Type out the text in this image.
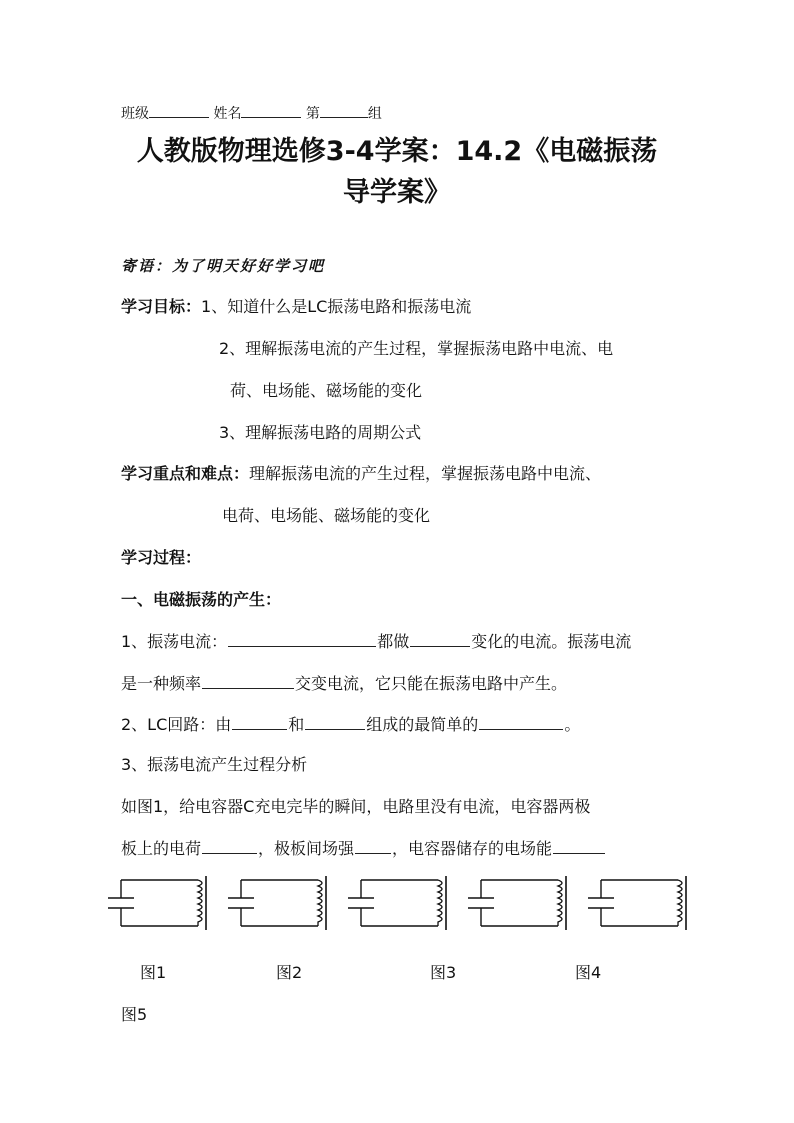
班级	姓名	第	组
人教版物理选修3-4学案：14.2《电磁振荡
导学案》
寄语：为了明天好好学习吧
学习目标：1、知道什么是LC振荡电路和振荡电流
2、理解振荡电流的产生过程，掌握振荡电路中电流、电
荷、电场能、磁场能的变化
3、理解振荡电路的周期公式
学习重点和难点：理解振荡电流的产生过程，掌握振荡电路中电流、
电荷、电场能、磁场能的变化
学习过程：
一、电磁振荡的产生：
1、振荡电流：	都做	变化的电流。振荡电流
是一种频率	交变电流，它只能在振荡电路中产生。
2、LC回路：由	和	组成的最简单的	。
3、振荡电流产生过程分析
如图1，给电容器C充电完毕的瞬间，电路里没有电流，电容器两极
板上的电荷	，极板间场强 ，电容器储存的电场能
图1	图2	图3	图4
图5
